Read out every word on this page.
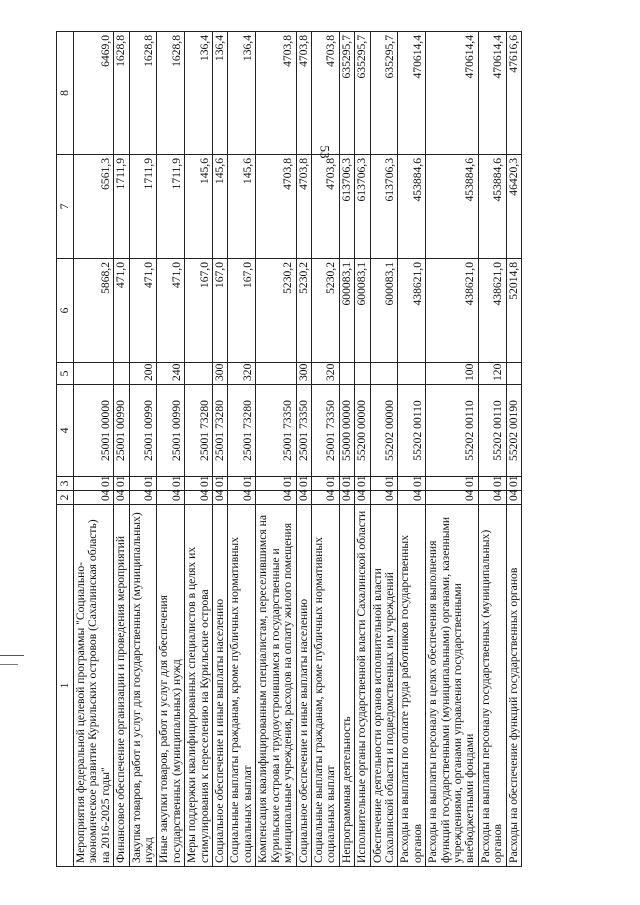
53
1	2	3	4	5	6	7	8
Мероприятия федеральной целевой программы "Социально-экономическое развитие Курильских островов (Сахалинская область) на 2016-2025 годы"	04	01	25001 00000		5868,2	6561,3	6469,0
Финансовое обеспечение организации и проведения мероприятий	04	01	25001 00990		471,0	1711,9	1628,8
Закупка товаров, работ и услуг для государственных (муниципальных) нужд	04	01	25001 00990	200	471,0	1711,9	1628,8
Иные закупки товаров, работ и услуг для обеспечения государственных (муниципальных) нужд	04	01	25001 00990	240	471,0	1711,9	1628,8
Меры поддержки квалифицированных специалистов в целях их стимулирования к переселению на Курильские острова	04	01	25001 73280		167,0	145,6	136,4
Социальное обеспечение и иные выплаты населению	04	01	25001 73280	300	167,0	145,6	136,4
Социальные выплаты гражданам, кроме публичных нормативных социальных выплат	04	01	25001 73280	320	167,0	145,6	136,4
Компенсация квалифицированным специалистам, переселившимся на Курильские острова и трудоустроившимся в государственные и муниципальные учреждения, расходов на оплату жилого помещения	04	01	25001 73350		5230,2	4703,8	4703,8
Социальное обеспечение и иные выплаты населению	04	01	25001 73350	300	5230,2	4703,8	4703,8
Социальные выплаты гражданам, кроме публичных нормативных социальных выплат	04	01	25001 73350	320	5230,2	4703,8	4703,8
Непрограммная деятельность	04	01	55000 00000		600083,1	613706,3	635295,7
Исполнительные органы государственной власти Сахалинской области	04	01	55200 00000		600083,1	613706,3	635295,7
Обеспечение деятельности органов исполнительной власти Сахалинской области и подведомственных им учреждений	04	01	55202 00000		600083,1	613706,3	635295,7
Расходы на выплаты по оплате труда работников государственных органов	04	01	55202 00110		438621,0	453884,6	470614,4
Расходы на выплаты персоналу в целях обеспечения выполнения функций государственными (муниципальными) органами, казенными учреждениями, органами управления государственными внебюджетными фондами	04	01	55202 00110	100	438621,0	453884,6	470614,4
Расходы на выплаты персоналу государственных (муниципальных) органов	04	01	55202 00110	120	438621,0	453884,6	470614,4
Расходы на обеспечение функций государственных органов	04	01	55202 00190		52014,8	46420,3	47616,6
